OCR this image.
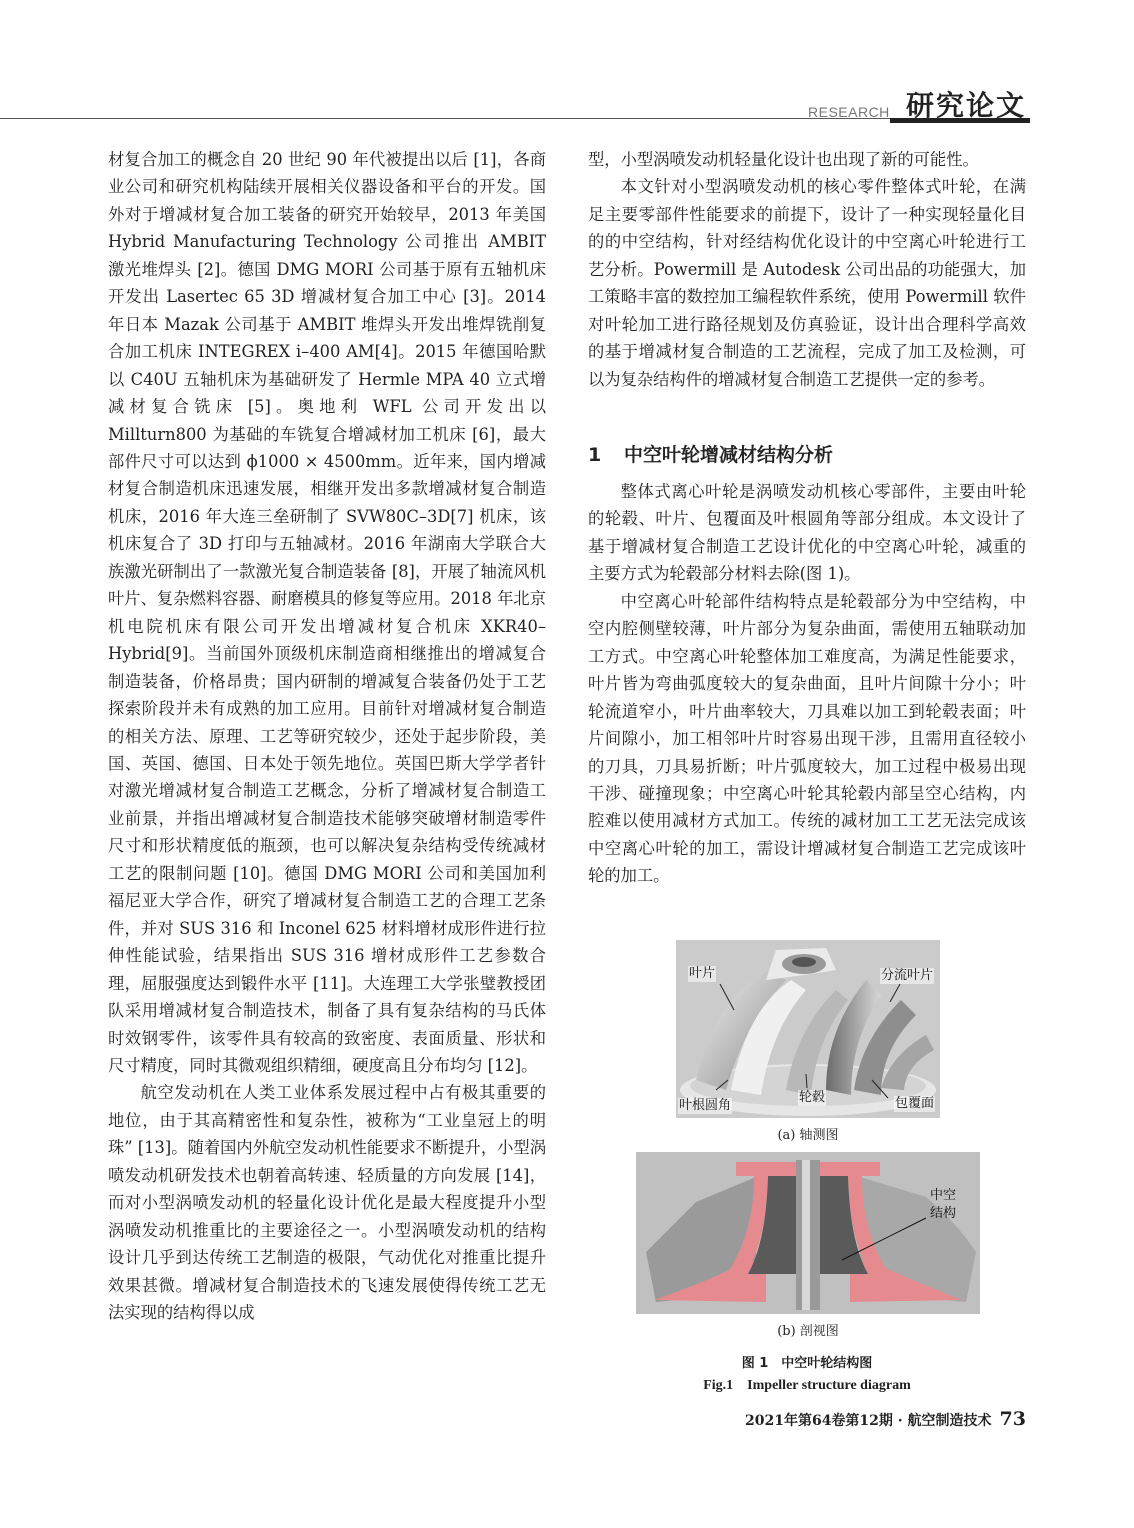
RESEARCH 研究论文

材复合加工的概念自 20 世纪 90 年代被提出以后 [1]，各商业公司和研究机构陆续开展相关仪器设备和平台的开发。国外对于增减材复合加工装备的研究开始较早，2013 年美国 Hybrid Manufacturing Technology 公司推出 AMBIT 激光堆焊头 [2]。德国 DMG MORI 公司基于原有五轴机床开发出 Lasertec 65 3D 增减材复合加工中心 [3]。2014 年日本 Mazak 公司基于 AMBIT 堆焊头开发出堆焊铣削复合加工机床 INTEGREX i–400 AM[4]。2015 年德国哈默以 C40U 五轴机床为基础研发了 Hermle MPA 40 立式增减材复合铣床 [5]。奥地利 WFL 公司开发出以 Millturn800 为基础的车铣复合增减材加工机床 [6]，最大部件尺寸可以达到 ϕ1000 × 4500mm。近年来，国内增减材复合制造机床迅速发展，相继开发出多款增减材复合制造机床，2016 年大连三垒研制了 SVW80C–3D[7] 机床，该机床复合了 3D 打印与五轴减材。2016 年湖南大学联合大族激光研制出了一款激光复合制造装备 [8]，开展了轴流风机叶片、复杂燃料容器、耐磨模具的修复等应用。2018 年北京机电院机床有限公司开发出增减材复合机床 XKR40–Hybrid[9]。当前国外顶级机床制造商相继推出的增减复合制造装备，价格昂贵；国内研制的增减复合装备仍处于工艺探索阶段并未有成熟的加工应用。目前针对增减材复合制造的相关方法、原理、工艺等研究较少，还处于起步阶段，美国、英国、德国、日本处于领先地位。英国巴斯大学学者针对激光增减材复合制造工艺概念，分析了增减材复合制造工业前景，并指出增减材复合制造技术能够突破增材制造零件尺寸和形状精度低的瓶颈，也可以解决复杂结构受传统减材工艺的限制问题 [10]。德国 DMG MORI 公司和美国加利福尼亚大学合作，研究了增减材复合制造工艺的合理工艺条件，并对 SUS 316 和 Inconel 625 材料增材成形件进行拉伸性能试验，结果指出 SUS 316 增材成形件工艺参数合理，屈服强度达到锻件水平 [11]。大连理工大学张璧教授团队采用增减材复合制造技术，制备了具有复杂结构的马氏体时效钢零件，该零件具有较高的致密度、表面质量、形状和尺寸精度，同时其微观组织精细，硬度高且分布均匀 [12]。

航空发动机在人类工业体系发展过程中占有极其重要的地位，由于其高精密性和复杂性，被称为“工业皇冠上的明珠” [13]。随着国内外航空发动机性能要求不断提升，小型涡喷发动机研发技术也朝着高转速、轻质量的方向发展 [14]，而对小型涡喷发动机的轻量化设计优化是最大程度提升小型涡喷发动机推重比的主要途径之一。小型涡喷发动机的结构设计几乎到达传统工艺制造的极限，气动优化对推重比提升效果甚微。增减材复合制造技术的飞速发展使得传统工艺无法实现的结构得以成

型，小型涡喷发动机轻量化设计也出现了新的可能性。

本文针对小型涡喷发动机的核心零件整体式叶轮，在满足主要零部件性能要求的前提下，设计了一种实现轻量化目的的中空结构，针对经结构优化设计的中空离心叶轮进行工艺分析。Powermill 是 Autodesk 公司出品的功能强大，加工策略丰富的数控加工编程软件系统，使用 Powermill 软件对叶轮加工进行路径规划及仿真验证，设计出合理科学高效的基于增减材复合制造的工艺流程，完成了加工及检测，可以为复杂结构件的增减材复合制造工艺提供一定的参考。

1 中空叶轮增减材结构分析

整体式离心叶轮是涡喷发动机核心零部件，主要由叶轮的轮毂、叶片、包覆面及叶根圆角等部分组成。本文设计了基于增减材复合制造工艺设计优化的中空离心叶轮，减重的主要方式为轮毂部分材料去除(图 1)。

中空离心叶轮部件结构特点是轮毂部分为中空结构，中空内腔侧壁较薄，叶片部分为复杂曲面，需使用五轴联动加工方式。中空离心叶轮整体加工难度高，为满足性能要求，叶片皆为弯曲弧度较大的复杂曲面，且叶片间隙十分小；叶轮流道窄小，叶片曲率较大，刀具难以加工到轮毂表面；叶片间隙小，加工相邻叶片时容易出现干涉，且需用直径较小的刀具，刀具易折断；叶片弧度较大，加工过程中极易出现干涉、碰撞现象；中空离心叶轮其轮毂内部呈空心结构，内腔难以使用减材方式加工。传统的减材加工工艺无法完成该中空离心叶轮的加工，需设计增减材复合制造工艺完成该叶轮的加工。

叶片	分流叶片
叶根圆角
轮毂	包覆面
(a) 轴测图
中空
结构
(b) 剖视图
图 1　中空叶轮结构图
Fig.1　Impeller structure diagram
2021年第64卷第12期 · 航空制造技术 73
